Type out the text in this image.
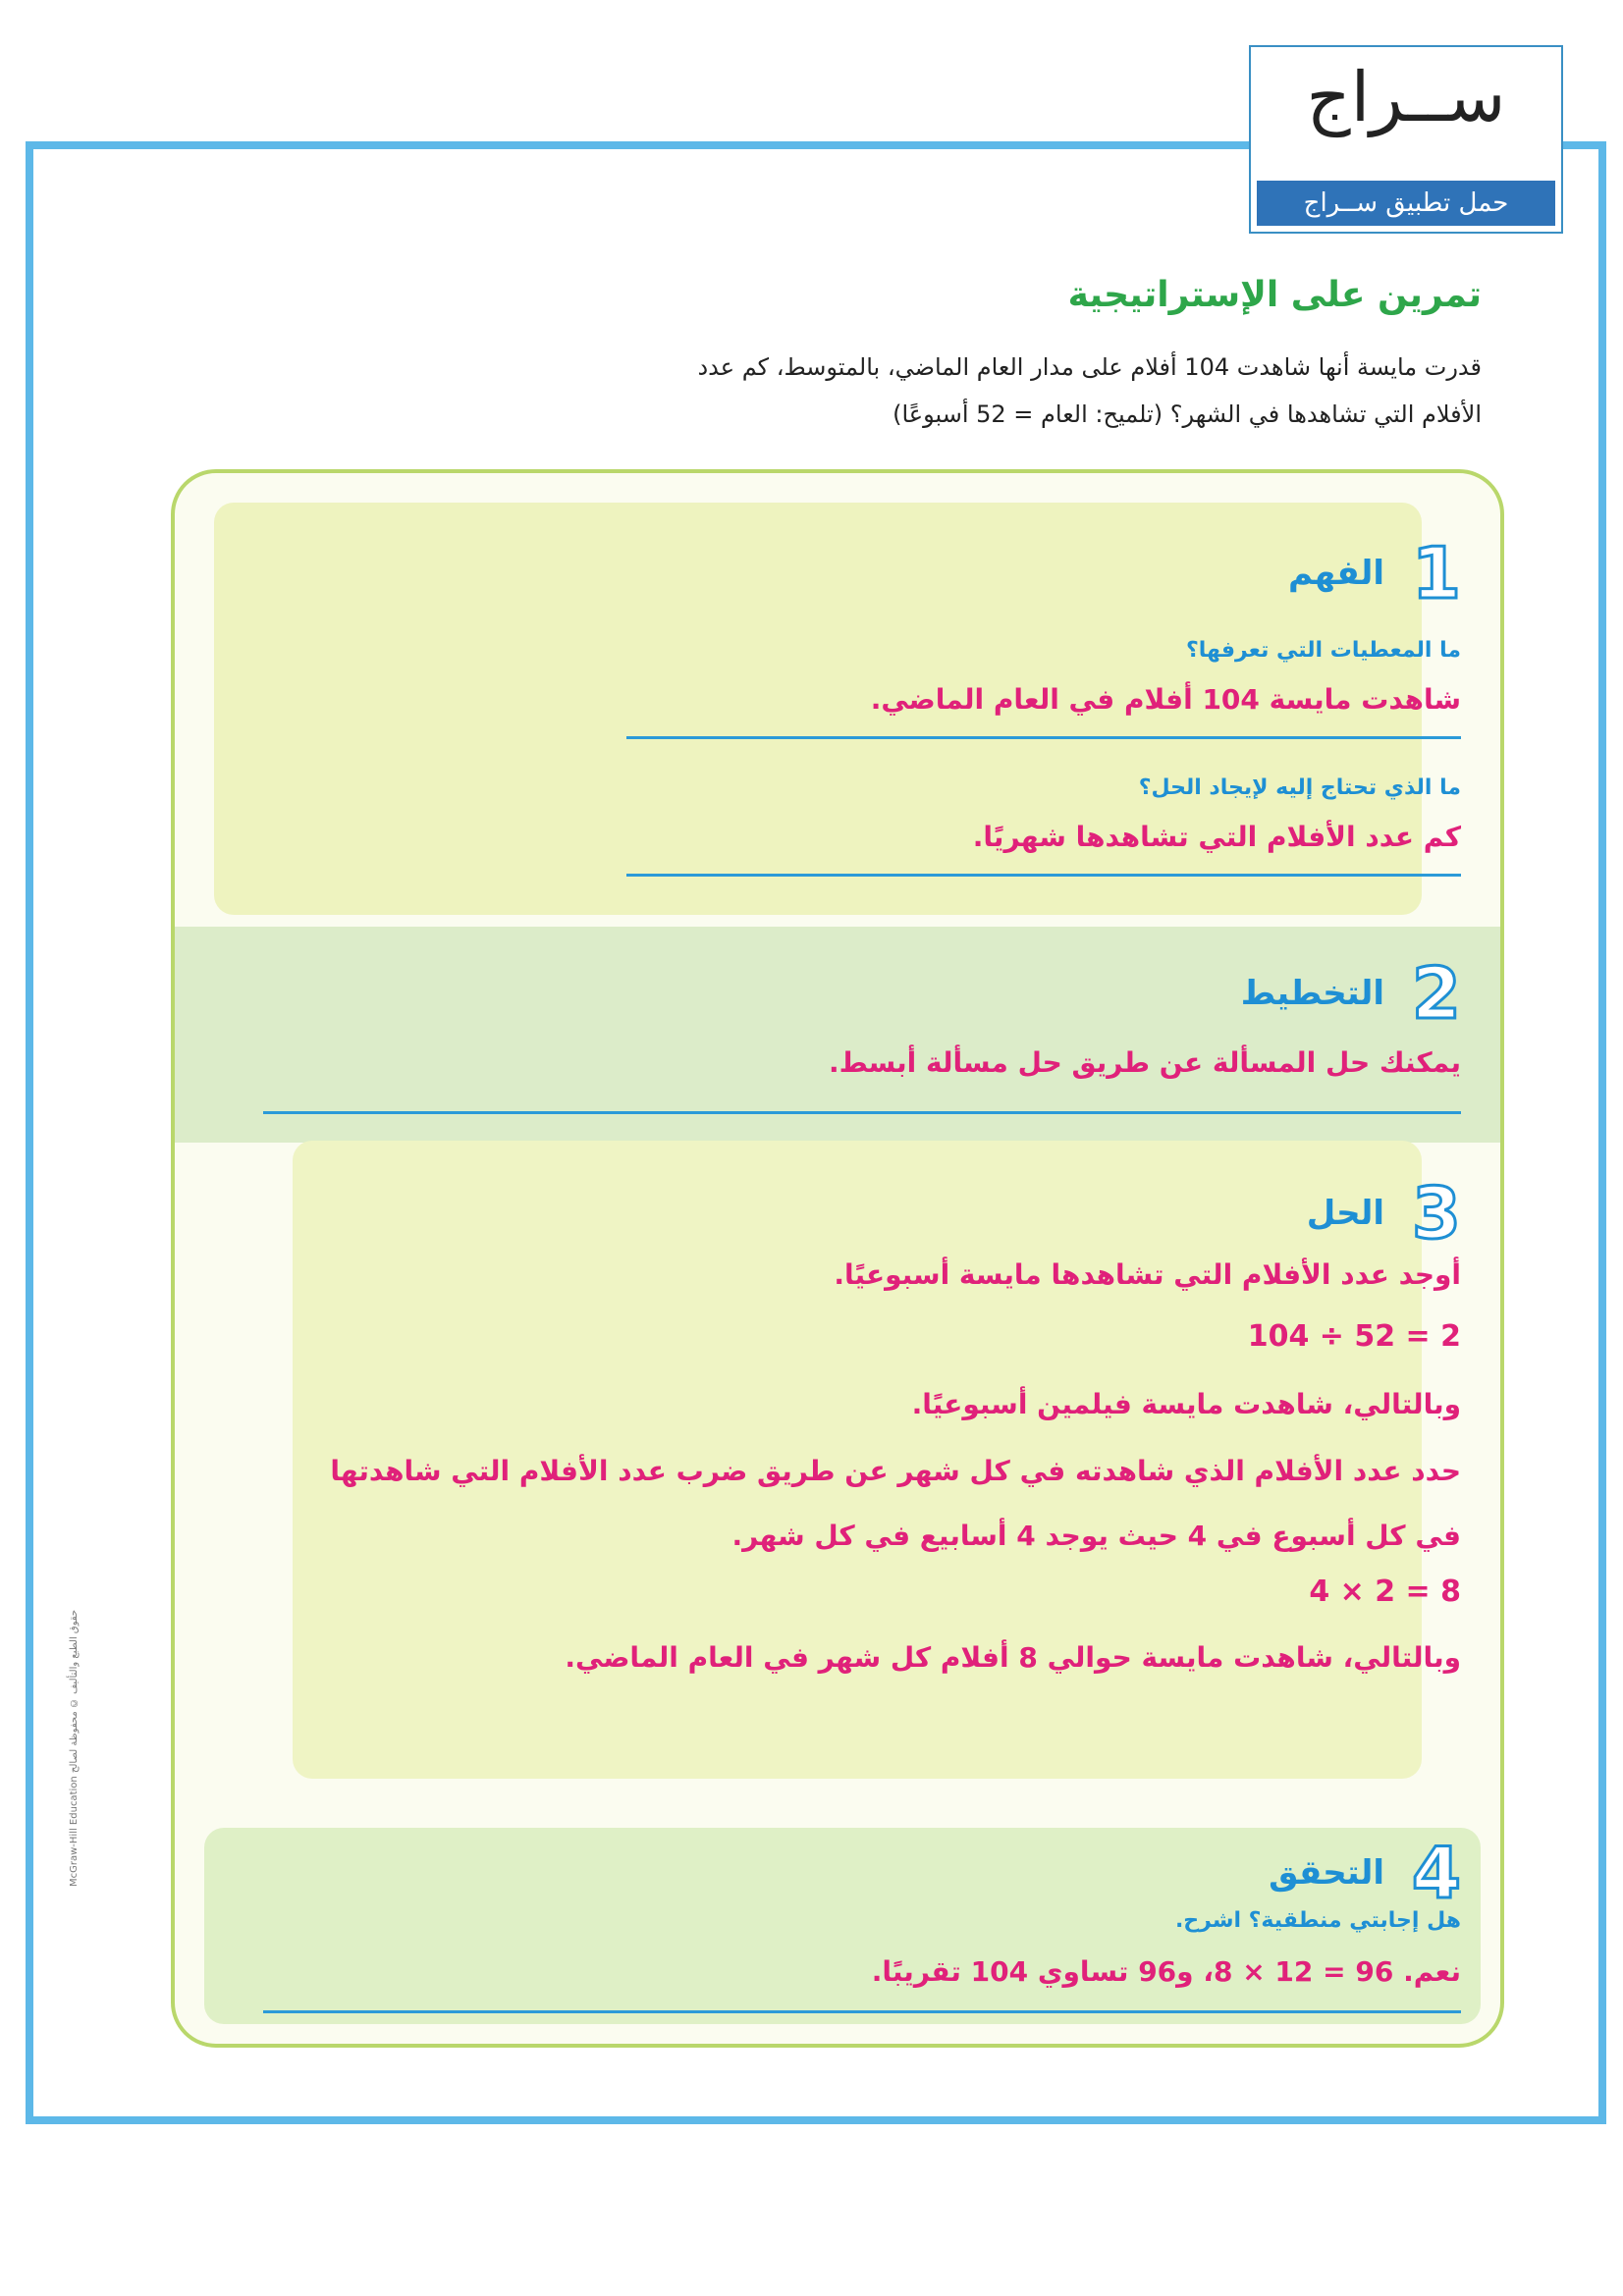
ســراج
حمل تطبيق ســراج
تمرين على الإستراتيجية
قدرت مايسة أنها شاهدت 104 أفلام على مدار العام الماضي، بالمتوسط، كم عدد
الأفلام التي تشاهدها في الشهر؟ (تلميح: العام = 52 أسبوعًا)
1
الفهم
ما المعطيات التي تعرفها؟
شاهدت مايسة 104 أفلام في العام الماضي.
ما الذي تحتاج إليه لإيجاد الحل؟
كم عدد الأفلام التي تشاهدها شهريًا.
2
التخطيط
يمكنك حل المسألة عن طريق حل مسألة أبسط.
3
الحل
أوجد عدد الأفلام التي تشاهدها مايسة أسبوعيًا.
104 ÷ 52 = 2
وبالتالي، شاهدت مايسة فيلمين أسبوعيًا.
حدد عدد الأفلام الذي شاهدته في كل شهر عن طريق ضرب عدد الأفلام التي شاهدتها
في كل أسبوع في 4 حيث يوجد 4 أسابيع في كل شهر.
4 × 2 = 8
وبالتالي، شاهدت مايسة حوالي 8 أفلام كل شهر في العام الماضي.
4
التحقق
هل إجابتي منطقية؟ اشرح.
نعم. 96 = 12 × 8، و96 تساوي 104 تقريبًا.
حقوق الطبع والتأليف © محفوظة لصالح McGraw-Hill Education
